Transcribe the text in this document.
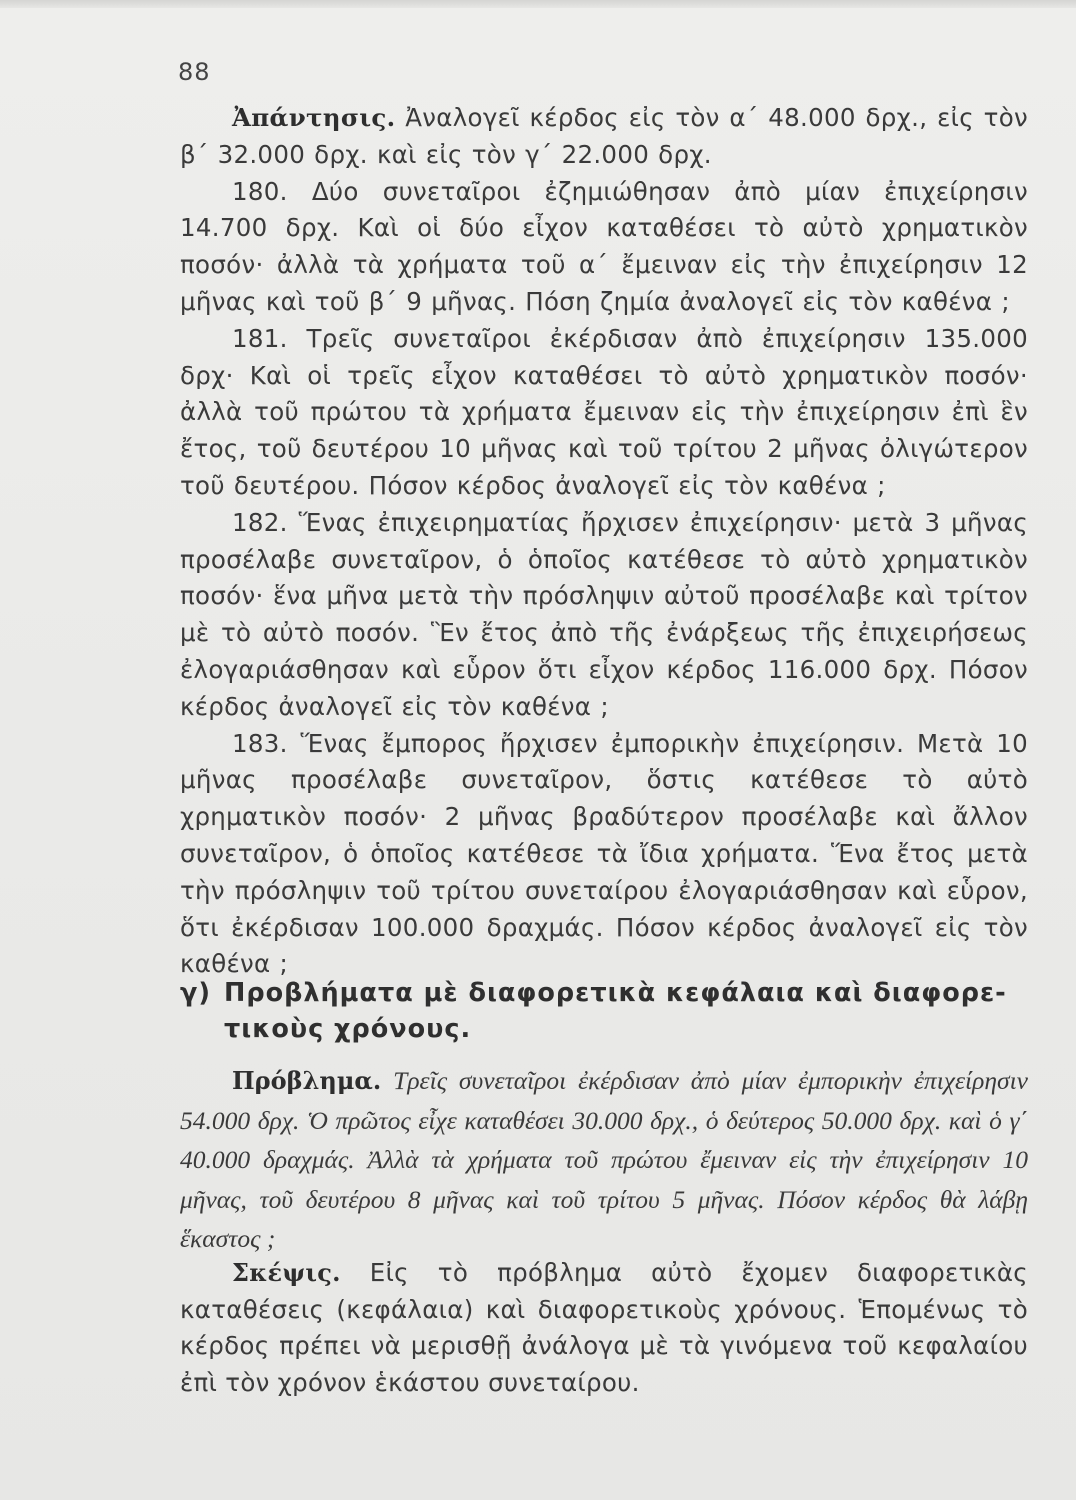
88

Ἀπάντησις. Ἀναλογεῖ κέρδος εἰς τὸν α΄ 48.000 δρχ., εἰς τὸν β΄ 32.000 δρχ. καὶ εἰς τὸν γ΄ 22.000 δρχ.

180. Δύο συνεταῖροι ἐζημιώθησαν ἀπὸ μίαν ἐπιχείρησιν 14.700 δρχ. Καὶ οἱ δύο εἶχον καταθέσει τὸ αὐτὸ χρηματικὸν ποσόν· ἀλλὰ τὰ χρήματα τοῦ α΄ ἔμειναν εἰς τὴν ἐπιχείρησιν 12 μῆνας καὶ τοῦ β΄ 9 μῆνας. Πόση ζημία ἀναλογεῖ εἰς τὸν καθένα ;

181. Τρεῖς συνεταῖροι ἐκέρδισαν ἀπὸ ἐπιχείρησιν 135.000 δρχ· Καὶ οἱ τρεῖς εἶχον καταθέσει τὸ αὐτὸ χρηματικὸν ποσόν· ἀλλὰ τοῦ πρώτου τὰ χρήματα ἔμειναν εἰς τὴν ἐπιχείρησιν ἐπὶ ἓν ἔτος, τοῦ δευτέρου 10 μῆνας καὶ τοῦ τρίτου 2 μῆνας ὀλιγώτερον τοῦ δευτέρου. Πόσον κέρδος ἀναλογεῖ εἰς τὸν καθένα ;

182. Ἕνας ἐπιχειρηματίας ἤρχισεν ἐπιχείρησιν· μετὰ 3 μῆνας προσέλαβε συνεταῖρον, ὁ ὁποῖος κατέθεσε τὸ αὐτὸ χρηματικὸν ποσόν· ἕνα μῆνα μετὰ τὴν πρόσληψιν αὐτοῦ προσέλαβε καὶ τρίτον μὲ τὸ αὐτὸ ποσόν. Ἓν ἔτος ἀπὸ τῆς ἐνάρξεως τῆς ἐπιχειρήσεως ἐλογαριάσθησαν καὶ εὗρον ὅτι εἶχον κέρδος 116.000 δρχ. Πόσον κέρδος ἀναλογεῖ εἰς τὸν καθένα ;

183. Ἕνας ἔμπορος ἤρχισεν ἐμπορικὴν ἐπιχείρησιν. Μετὰ 10 μῆνας προσέλαβε συνεταῖρον, ὅστις κατέθεσε τὸ αὐτὸ χρηματικὸν ποσόν· 2 μῆνας βραδύτερον προσέλαβε καὶ ἄλλον συνεταῖρον, ὁ ὁποῖος κατέθεσε τὰ ἴδια χρήματα. Ἕνα ἔτος μετὰ τὴν πρόσληψιν τοῦ τρίτου συνεταίρου ἐλογαριάσθησαν καὶ εὗρον, ὅτι ἐκέρδισαν 100.000 δραχμάς. Πόσον κέρδος ἀναλογεῖ εἰς τὸν καθένα ;

γ) Προβλήματα μὲ διαφορετικὰ κεφάλαια καὶ διαφορε-
τικοὺς χρόνους.

Πρόβλημα. Τρεῖς συνεταῖροι ἐκέρδισαν ἀπὸ μίαν ἐμπορικὴν ἐπιχείρησιν 54.000 δρχ. Ὁ πρῶτος εἶχε καταθέσει 30.000 δρχ., ὁ δεύτερος 50.000 δρχ. καὶ ὁ γ΄ 40.000 δραχμάς. Ἀλλὰ τὰ χρήματα τοῦ πρώτου ἔμειναν εἰς τὴν ἐπιχείρησιν 10 μῆνας, τοῦ δευτέρου 8 μῆνας καὶ τοῦ τρίτου 5 μῆνας. Πόσον κέρδος θὰ λάβῃ ἕκαστος ;

Σκέψις. Εἰς τὸ πρόβλημα αὐτὸ ἔχομεν διαφορετικὰς καταθέσεις (κεφάλαια) καὶ διαφορετικοὺς χρόνους. Ἑπομένως τὸ κέρδος πρέπει νὰ μερισθῇ ἀνάλογα μὲ τὰ γινόμενα τοῦ κεφαλαίου ἐπὶ τὸν χρόνον ἑκάστου συνεταίρου.
